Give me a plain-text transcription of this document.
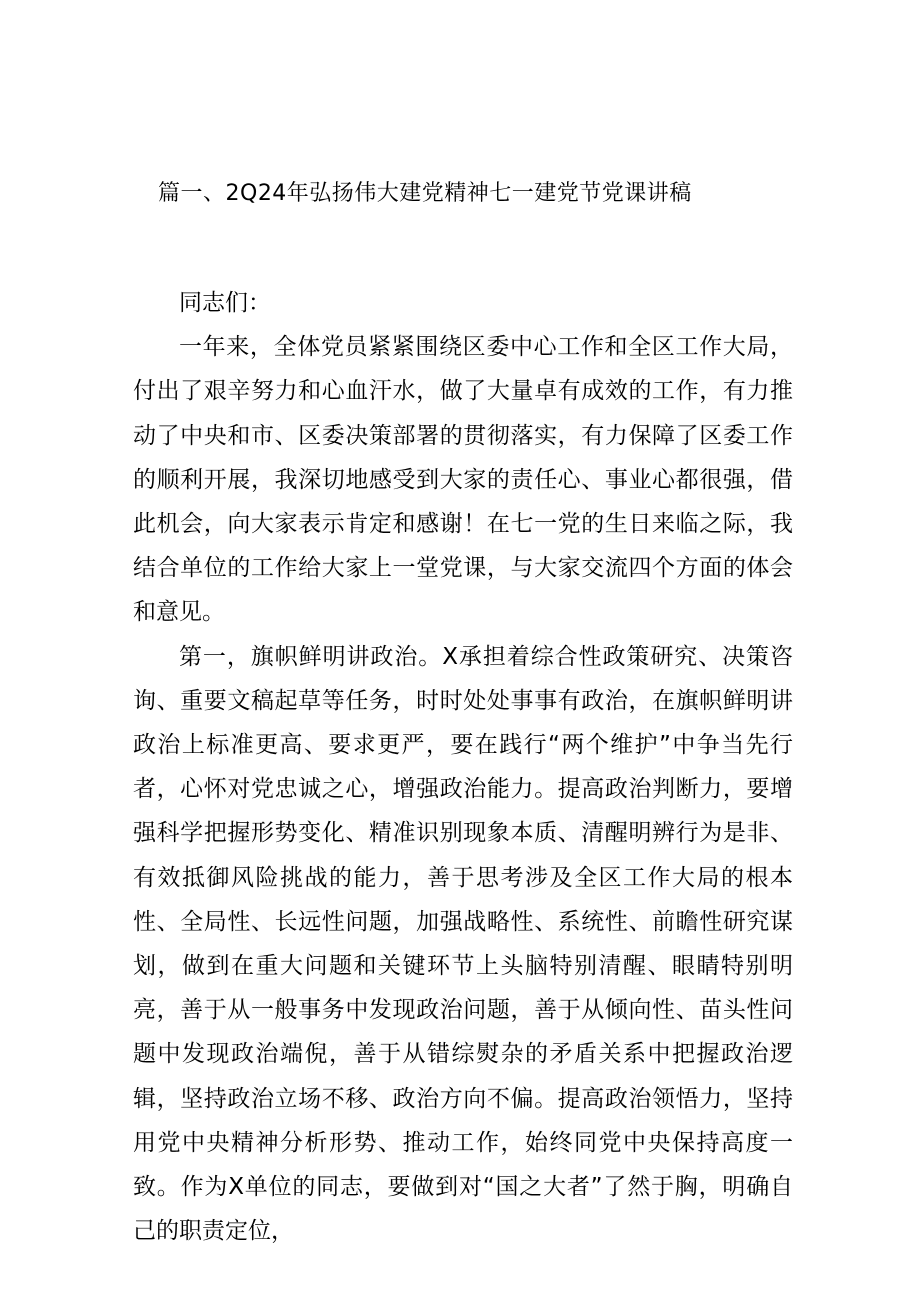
篇一、2Q24年弘扬伟大建党精神七一建党节党课讲稿

同志们：

一年来，全体党员紧紧围绕区委中心工作和全区工作大局，付出了艰辛努力和心血汗水，做了大量卓有成效的工作，有力推动了中央和市、区委决策部署的贯彻落实，有力保障了区委工作的顺利开展，我深切地感受到大家的责任心、事业心都很强，借此机会，向大家表示肯定和感谢！在七一党的生日来临之际，我结合单位的工作给大家上一堂党课，与大家交流四个方面的体会和意见。

第一，旗帜鲜明讲政治。X承担着综合性政策研究、决策咨询、重要文稿起草等任务，时时处处事事有政治，在旗帜鲜明讲政治上标准更高、要求更严，要在践行“两个维护”中争当先行者，心怀对党忠诚之心，增强政治能力。提高政治判断力，要增强科学把握形势变化、精准识别现象本质、清醒明辨行为是非、有效抵御风险挑战的能力，善于思考涉及全区工作大局的根本性、全局性、长远性问题，加强战略性、系统性、前瞻性研究谋划，做到在重大问题和关键环节上头脑特别清醒、眼睛特别明亮，善于从一般事务中发现政治问题，善于从倾向性、苗头性问题中发现政治端倪，善于从错综熨杂的矛盾关系中把握政治逻辑，坚持政治立场不移、政治方向不偏。提高政治领悟力，坚持用党中央精神分析形势、推动工作，始终同党中央保持高度一致。作为X单位的同志，要做到对“国之大者”了然于胸，明确自己的职责定位，
